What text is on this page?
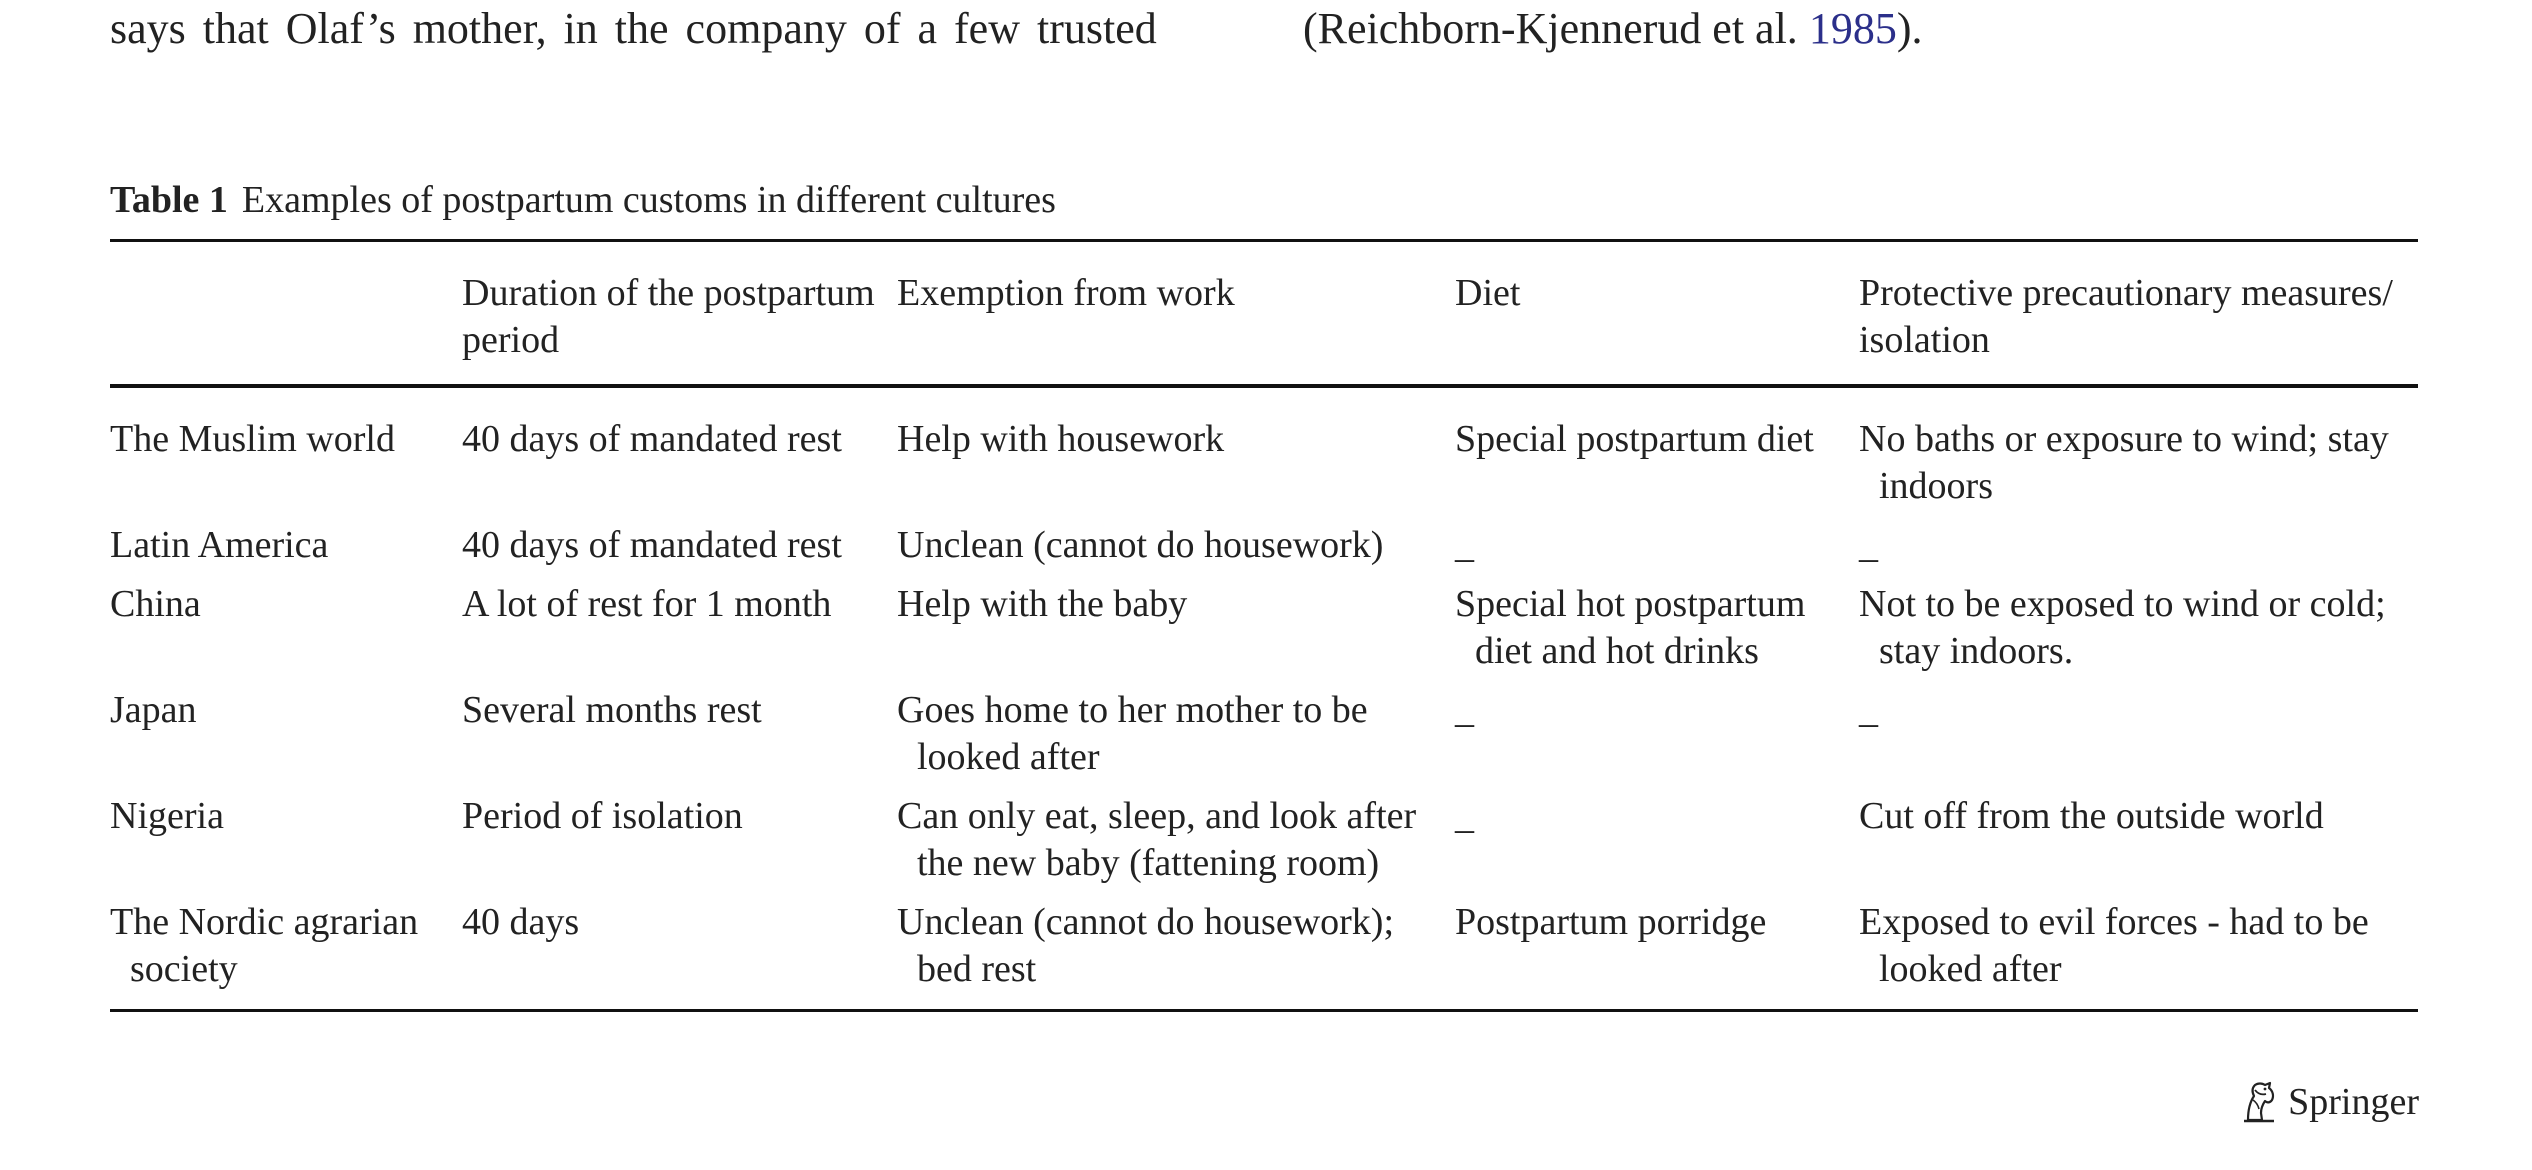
says that Olaf’s mother, in the company of a few trusted	(Reichborn-Kjennerud et al. 1985).
Table 1 Examples of postpartum customs in different cultures
	Duration of the postpartum period	Exemption from work	Diet	Protective precautionary measures/ isolation

The Muslim world	40 days of mandated rest	Help with housework	Special postpartum diet	No baths or exposure to wind; stay indoors

Latin America	40 days of mandated rest	Unclean (cannot do housework)	_	_

China	A lot of rest for 1 month	Help with the baby	Special hot postpartum diet and hot drinks	Not to be exposed to wind or cold; stay indoors.

Japan	Several months rest	Goes home to her mother to be looked after	_	_

Nigeria	Period of isolation	Can only eat, sleep, and look after the new baby (fattening room)	_	Cut off from the outside world

The Nordic agrarian society	40 days	Unclean (cannot do housework); bed rest	Postpartum porridge	Exposed to evil forces - had to be looked after
Springer
